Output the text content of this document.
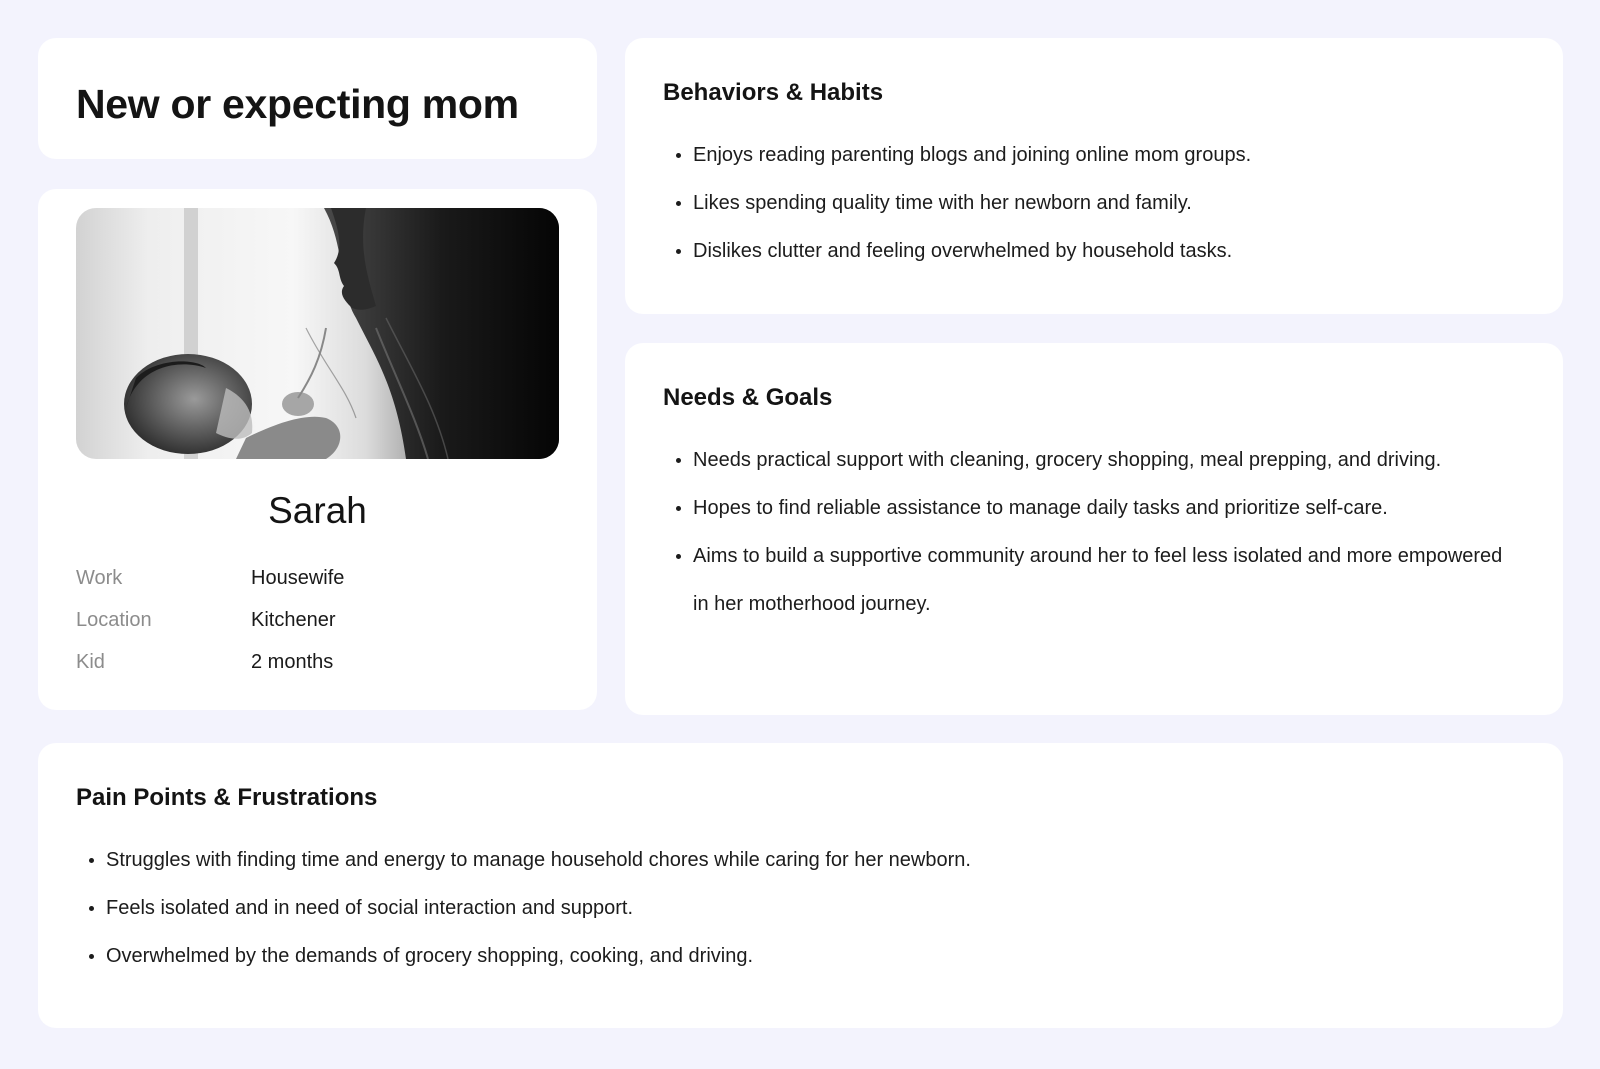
New or expecting mom
Sarah
Work	Housewife
Location	Kitchener
Kid	2 months
Behaviors & Habits
Enjoys reading parenting blogs and joining online mom groups.
Likes spending quality time with her newborn and family.
Dislikes clutter and feeling overwhelmed by household tasks.
Needs & Goals
Needs practical support with cleaning, grocery shopping, meal prepping, and driving.
Hopes to find reliable assistance to manage daily tasks and prioritize self-care.
Aims to build a supportive community around her to feel less isolated and more empowered in her motherhood journey.
Pain Points & Frustrations
Struggles with finding time and energy to manage household chores while caring for her newborn.
Feels isolated and in need of social interaction and support.
Overwhelmed by the demands of grocery shopping, cooking, and driving.
